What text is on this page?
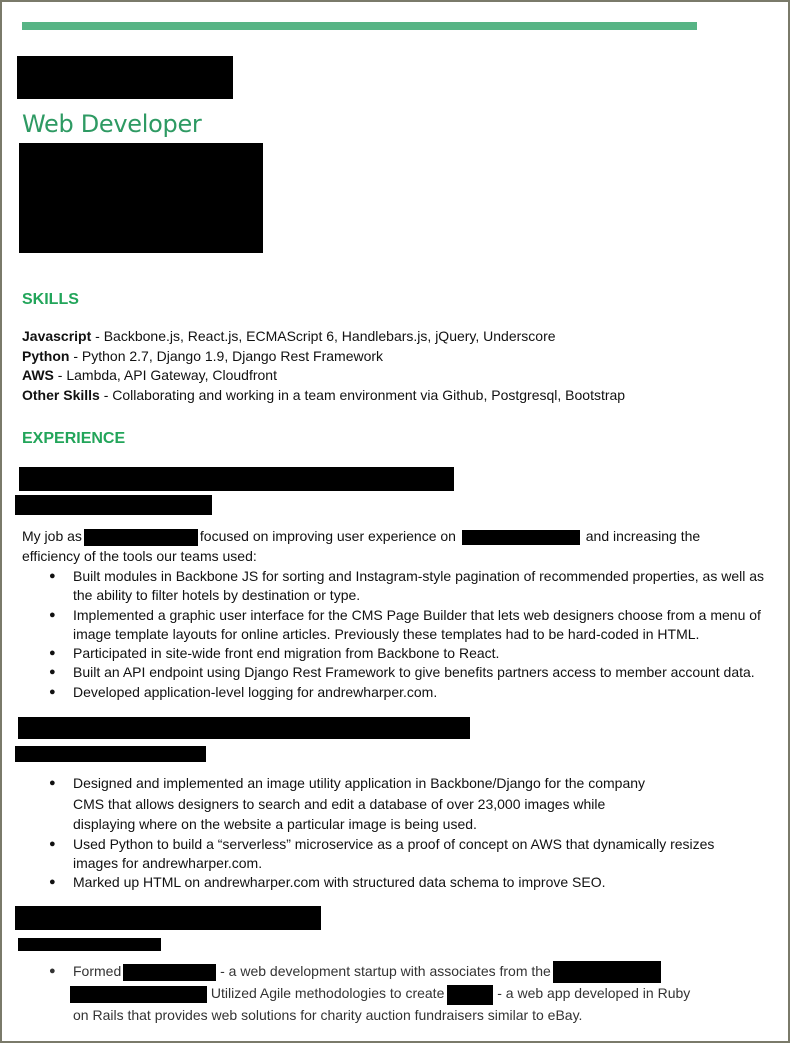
Web Developer
SKILLS
Javascript - Backbone.js, React.js, ECMAScript 6, Handlebars.js, jQuery, Underscore
Python - Python 2.7, Django 1.9, Django Rest Framework
AWS - Lambda, API Gateway, Cloudfront
Other Skills - Collaborating and working in a team environment via Github, Postgresql, Bootstrap
EXPERIENCE
My job as	focused on improving user experience on	and increasing the
efficiency of the tools our teams used:
● Built modules in Backbone JS for sorting and Instagram-style pagination of recommended properties, as well as
the ability to filter hotels by destination or type.
● Implemented a graphic user interface for the CMS Page Builder that lets web designers choose from a menu of
image template layouts for online articles. Previously these templates had to be hard-coded in HTML.
● Participated in site-wide front end migration from Backbone to React.
● Built an API endpoint using Django Rest Framework to give benefits partners access to member account data.
● Developed application-level logging for andrewharper.com.
● Designed and implemented an image utility application in Backbone/Django for the company
CMS that allows designers to search and edit a database of over 23,000 images while
displaying where on the website a particular image is being used.
● Used Python to build a “serverless” microservice as a proof of concept on AWS that dynamically resizes
images for andrewharper.com.
● Marked up HTML on andrewharper.com with structured data schema to improve SEO.
●	Formed	- a web development startup with associates from the
Utilized Agile methodologies to create	- a web app developed in Ruby
on Rails that provides web solutions for charity auction fundraisers similar to eBay.
